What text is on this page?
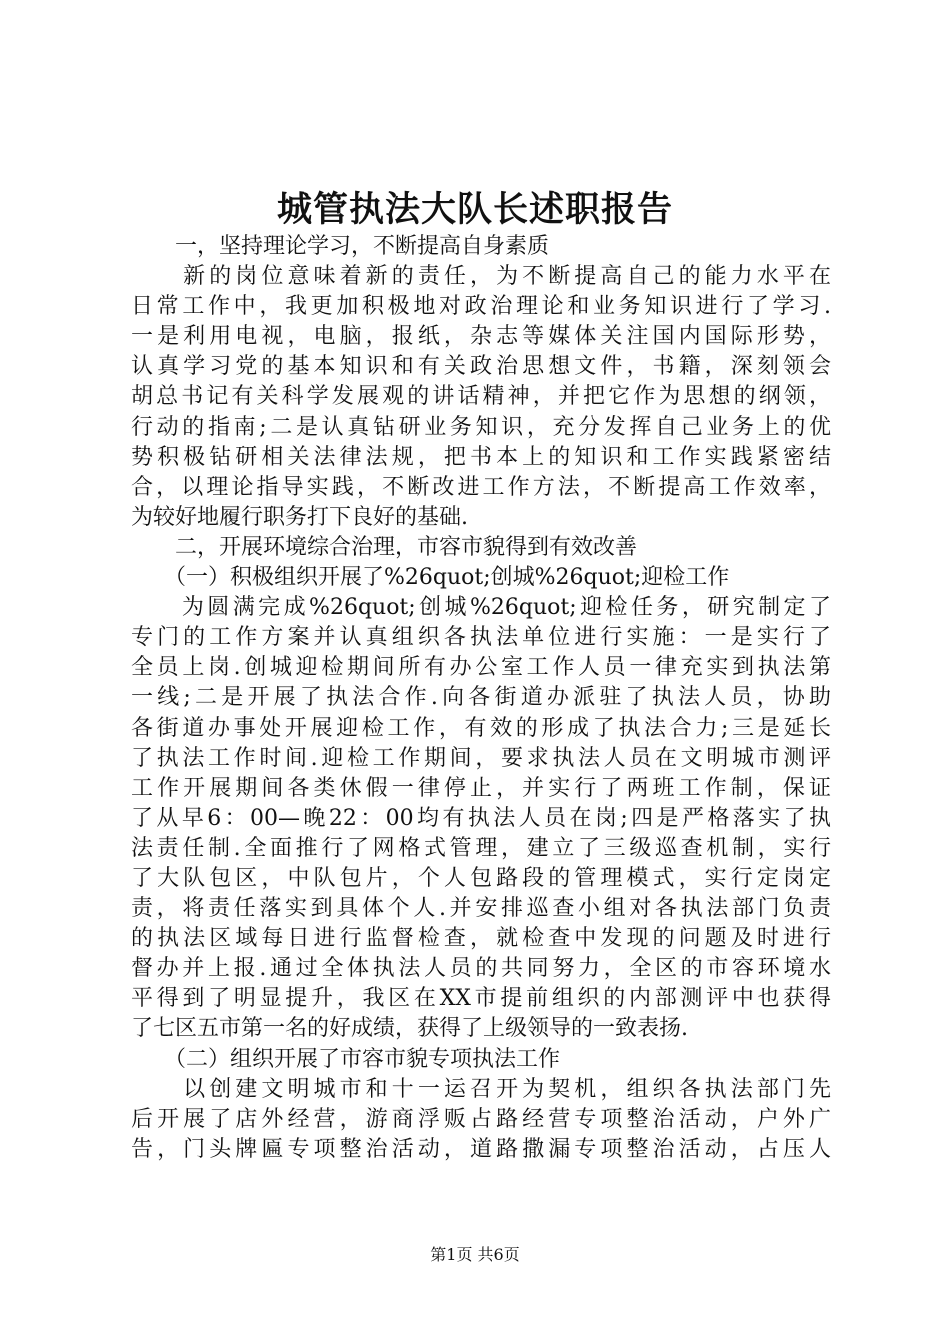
城管执法大队长述职报告
　　一，坚持理论学习，不断提高自身素质
　　新的岗位意味着新的责任，为不断提高自己的能力水平在
日常工作中，我更加积极地对政治理论和业务知识进行了学习.
一是利用电视，电脑，报纸，杂志等媒体关注国内国际形势，
认真学习党的基本知识和有关政治思想文件，书籍，深刻领会
胡总书记有关科学发展观的讲话精神，并把它作为思想的纲领，
行动的指南;二是认真钻研业务知识，充分发挥自己业务上的优
势积极钻研相关法律法规，把书本上的知识和工作实践紧密结
合，以理论指导实践，不断改进工作方法，不断提高工作效率，
为较好地履行职务打下良好的基础.
　　二，开展环境综合治理，市容市貌得到有效改善
　　（一）积极组织开展了%26quot;创城%26quot;迎检工作
　　为圆满完成%26quot;创城%26quot;迎检任务，研究制定了
专门的工作方案并认真组织各执法单位进行实施：一是实行了
全员上岗.创城迎检期间所有办公室工作人员一律充实到执法第
一线;二是开展了执法合作.向各街道办派驻了执法人员，协助
各街道办事处开展迎检工作，有效的形成了执法合力;三是延长
了执法工作时间.迎检工作期间，要求执法人员在文明城市测评
工作开展期间各类休假一律停止，并实行了两班工作制，保证
了从早6：00—晚22：00均有执法人员在岗;四是严格落实了执
法责任制.全面推行了网格式管理，建立了三级巡查机制，实行
了大队包区，中队包片，个人包路段的管理模式，实行定岗定
责，将责任落实到具体个人.并安排巡查小组对各执法部门负责
的执法区域每日进行监督检查，就检查中发现的问题及时进行
督办并上报.通过全体执法人员的共同努力，全区的市容环境水
平得到了明显提升，我区在XX市提前组织的内部测评中也获得
了七区五市第一名的好成绩，获得了上级领导的一致表扬.
　　（二）组织开展了市容市貌专项执法工作
　　以创建文明城市和十一运召开为契机，组织各执法部门先
后开展了店外经营，游商浮贩占路经营专项整治活动，户外广
告，门头牌匾专项整治活动，道路撒漏专项整治活动，占压人
第1页 共6页
